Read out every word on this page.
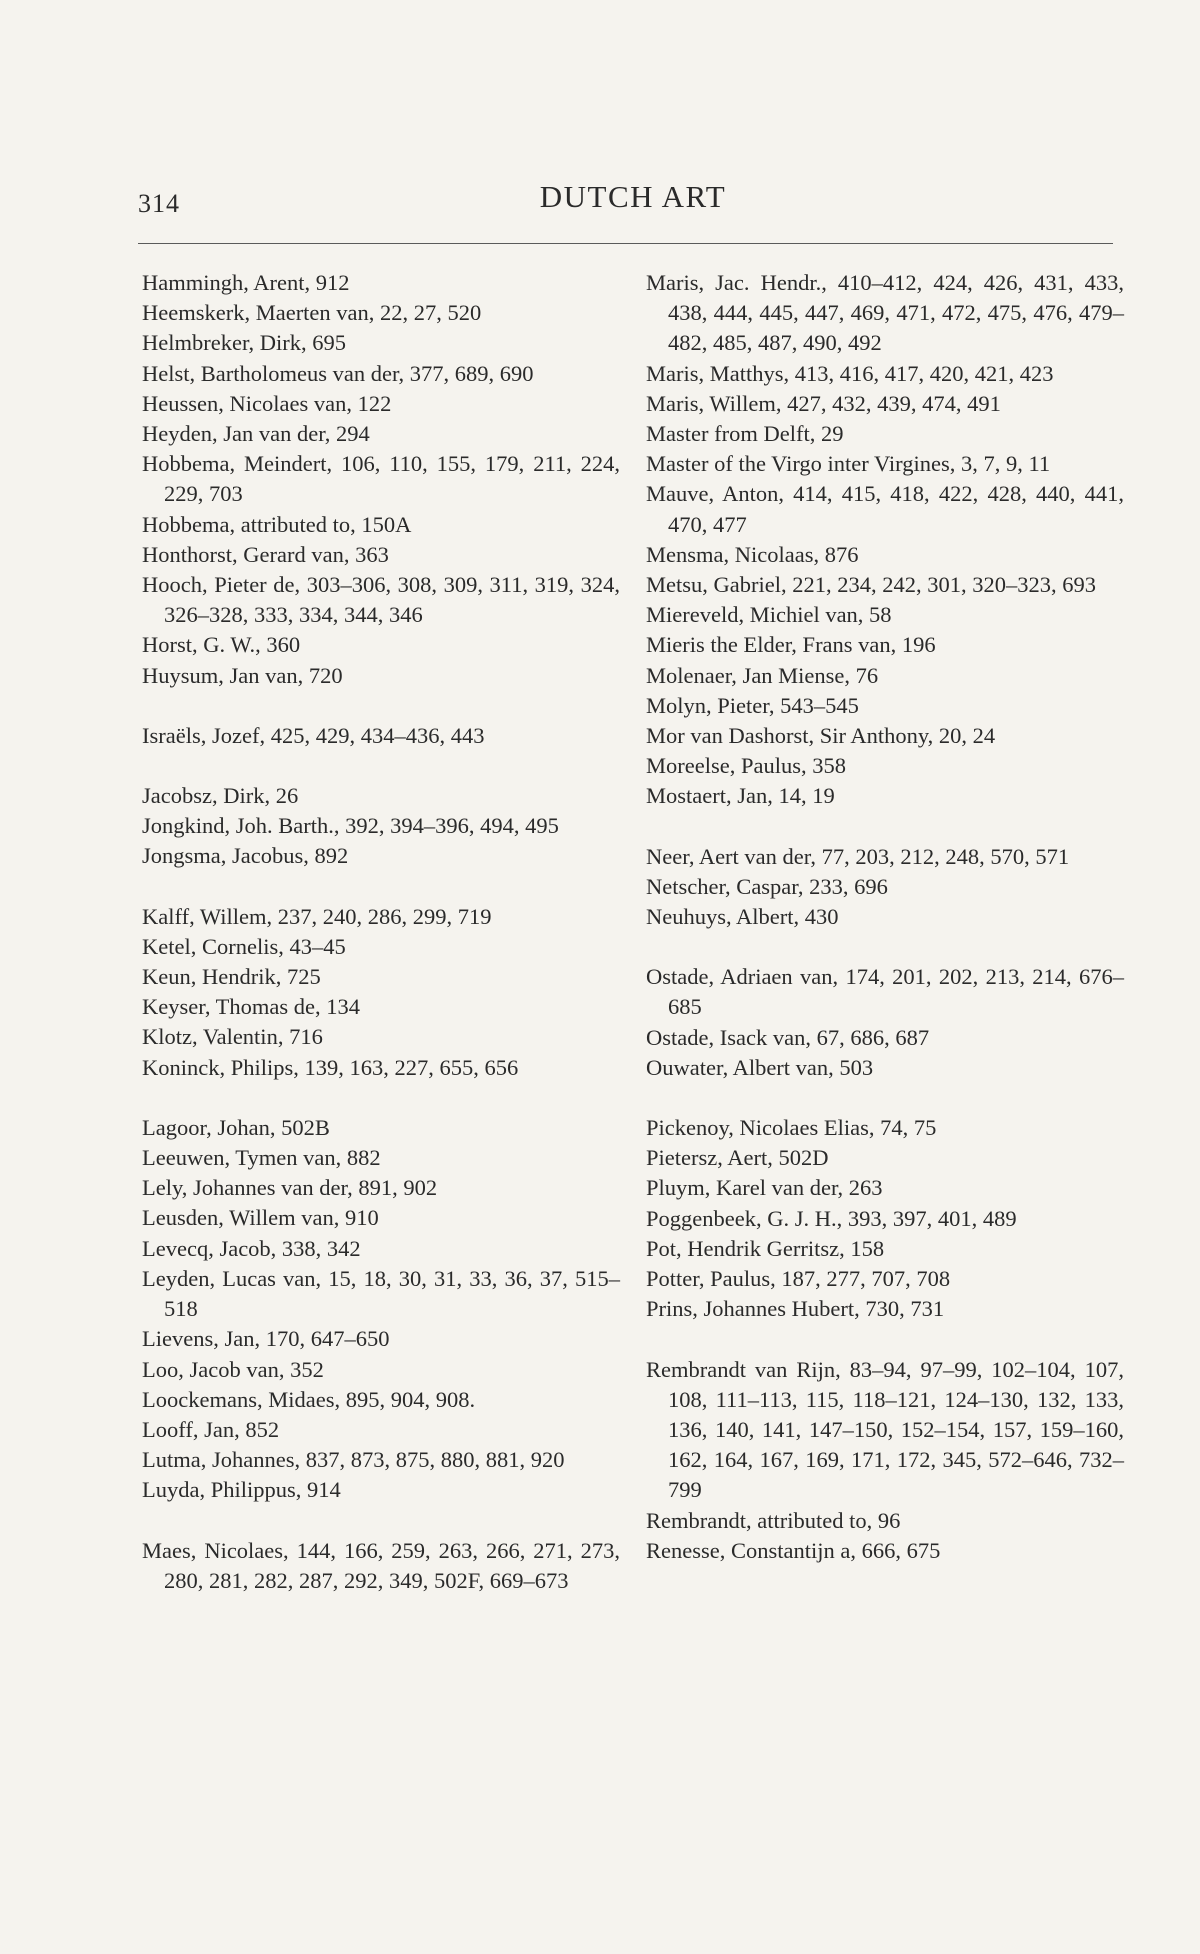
314	DUTCH ART
Hammingh, Arent, 912
Heemskerk, Maerten van, 22, 27, 520
Helmbreker, Dirk, 695
Helst, Bartholomeus van der, 377, 689, 690
Heussen, Nicolaes van, 122
Heyden, Jan van der, 294
Hobbema, Meindert, 106, 110, 155, 179, 211, 224, 229, 703
Hobbema, attributed to, 150A
Honthorst, Gerard van, 363
Hooch, Pieter de, 303–306, 308, 309, 311, 319, 324, 326–328, 333, 334, 344, 346
Horst, G. W., 360
Huysum, Jan van, 720
Israëls, Jozef, 425, 429, 434–436, 443
Jacobsz, Dirk, 26
Jongkind, Joh. Barth., 392, 394–396, 494, 495
Jongsma, Jacobus, 892
Kalff, Willem, 237, 240, 286, 299, 719
Ketel, Cornelis, 43–45
Keun, Hendrik, 725
Keyser, Thomas de, 134
Klotz, Valentin, 716
Koninck, Philips, 139, 163, 227, 655, 656
Lagoor, Johan, 502B
Leeuwen, Tymen van, 882
Lely, Johannes van der, 891, 902
Leusden, Willem van, 910
Levecq, Jacob, 338, 342
Leyden, Lucas van, 15, 18, 30, 31, 33, 36, 37, 515–518
Lievens, Jan, 170, 647–650
Loo, Jacob van, 352
Loockemans, Midaes, 895, 904, 908.
Looff, Jan, 852
Lutma, Johannes, 837, 873, 875, 880, 881, 920
Luyda, Philippus, 914
Maes, Nicolaes, 144, 166, 259, 263, 266, 271, 273, 280, 281, 282, 287, 292, 349, 502F, 669–673
Maris, Jac. Hendr., 410–412, 424, 426, 431, 433, 438, 444, 445, 447, 469, 471, 472, 475, 476, 479–482, 485, 487, 490, 492
Maris, Matthys, 413, 416, 417, 420, 421, 423
Maris, Willem, 427, 432, 439, 474, 491
Master from Delft, 29
Master of the Virgo inter Virgines, 3, 7, 9, 11
Mauve, Anton, 414, 415, 418, 422, 428, 440, 441, 470, 477
Mensma, Nicolaas, 876
Metsu, Gabriel, 221, 234, 242, 301, 320–323, 693
Miereveld, Michiel van, 58
Mieris the Elder, Frans van, 196
Molenaer, Jan Miense, 76
Molyn, Pieter, 543–545
Mor van Dashorst, Sir Anthony, 20, 24
Moreelse, Paulus, 358
Mostaert, Jan, 14, 19
Neer, Aert van der, 77, 203, 212, 248, 570, 571
Netscher, Caspar, 233, 696
Neuhuys, Albert, 430
Ostade, Adriaen van, 174, 201, 202, 213, 214, 676–685
Ostade, Isack van, 67, 686, 687
Ouwater, Albert van, 503
Pickenoy, Nicolaes Elias, 74, 75
Pietersz, Aert, 502D
Pluym, Karel van der, 263
Poggenbeek, G. J. H., 393, 397, 401, 489
Pot, Hendrik Gerritsz, 158
Potter, Paulus, 187, 277, 707, 708
Prins, Johannes Hubert, 730, 731
Rembrandt van Rijn, 83–94, 97–99, 102–104, 107, 108, 111–113, 115, 118–121, 124–130, 132, 133, 136, 140, 141, 147–150, 152–154, 157, 159–160, 162, 164, 167, 169, 171, 172, 345, 572–646, 732–799
Rembrandt, attributed to, 96
Renesse, Constantijn a, 666, 675
